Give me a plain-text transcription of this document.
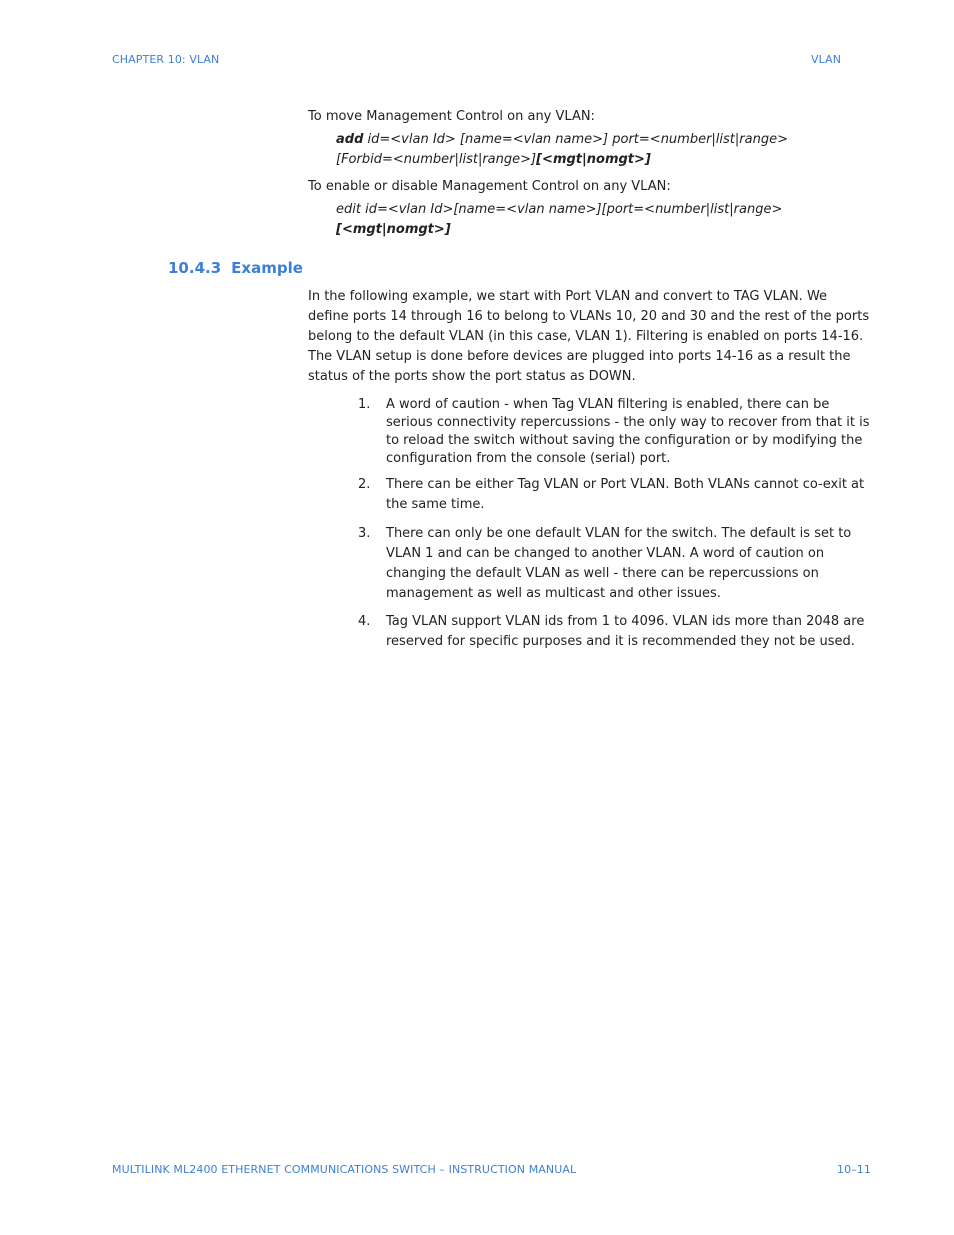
CHAPTER 10: VLAN	VLAN
To move Management Control on any VLAN:
add id=<vlan Id> [name=<vlan name>] port=<number|list|range>
[Forbid=<number|list|range>][<mgt|nomgt>]
To enable or disable Management Control on any VLAN:
edit id=<vlan Id>[name=<vlan name>][port=<number|list|range>[<mgt|nomgt>]
10.4.3 Example
In the following example, we start with Port VLAN and convert to TAG VLAN. We define ports 14 through 16 to belong to VLANs 10, 20 and 30 and the rest of the ports belong to the default VLAN (in this case, VLAN 1). Filtering is enabled on ports 14-16. The VLAN setup is done before devices are plugged into ports 14-16 as a result the status of the ports show the port status as DOWN.
1. A word of caution - when Tag VLAN filtering is enabled, there can be serious connectivity repercussions - the only way to recover from that it is to reload the switch without saving the configuration or by modifying the configuration from the console (serial) port.
2. There can be either Tag VLAN or Port VLAN. Both VLANs cannot co-exit at the same time.
3. There can only be one default VLAN for the switch. The default is set to VLAN 1 and can be changed to another VLAN. A word of caution on changing the default VLAN as well - there can be repercussions on management as well as multicast and other issues.
4. Tag VLAN support VLAN ids from 1 to 4096. VLAN ids more than 2048 are reserved for specific purposes and it is recommended they not be used.
MULTILINK ML2400 ETHERNET COMMUNICATIONS SWITCH – INSTRUCTION MANUAL	10–11
